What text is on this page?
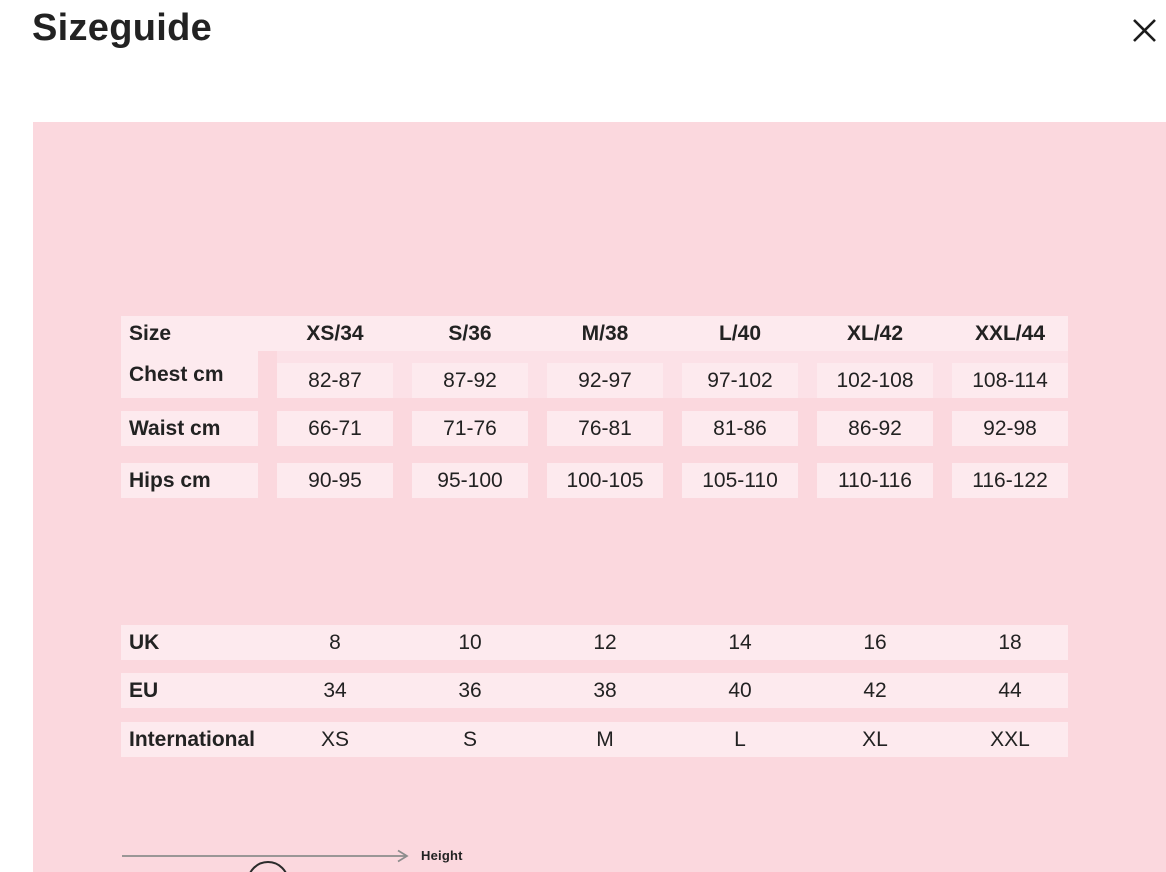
Sizeguide
Size	XS/34	S/36	M/38	L/40	XL/42	XXL/44
Chest cm	82-87	87-92	92-97	97-102	102-108	108-114
Waist cm	66-71	71-76	76-81	81-86	86-92	92-98
Hips cm	90-95	95-100	100-105	105-110	110-116	116-122
UK	8	10	12	14	16	18
EU	34	36	38	40	42	44
International	XS	S	M	L	XL	XXL
Height
